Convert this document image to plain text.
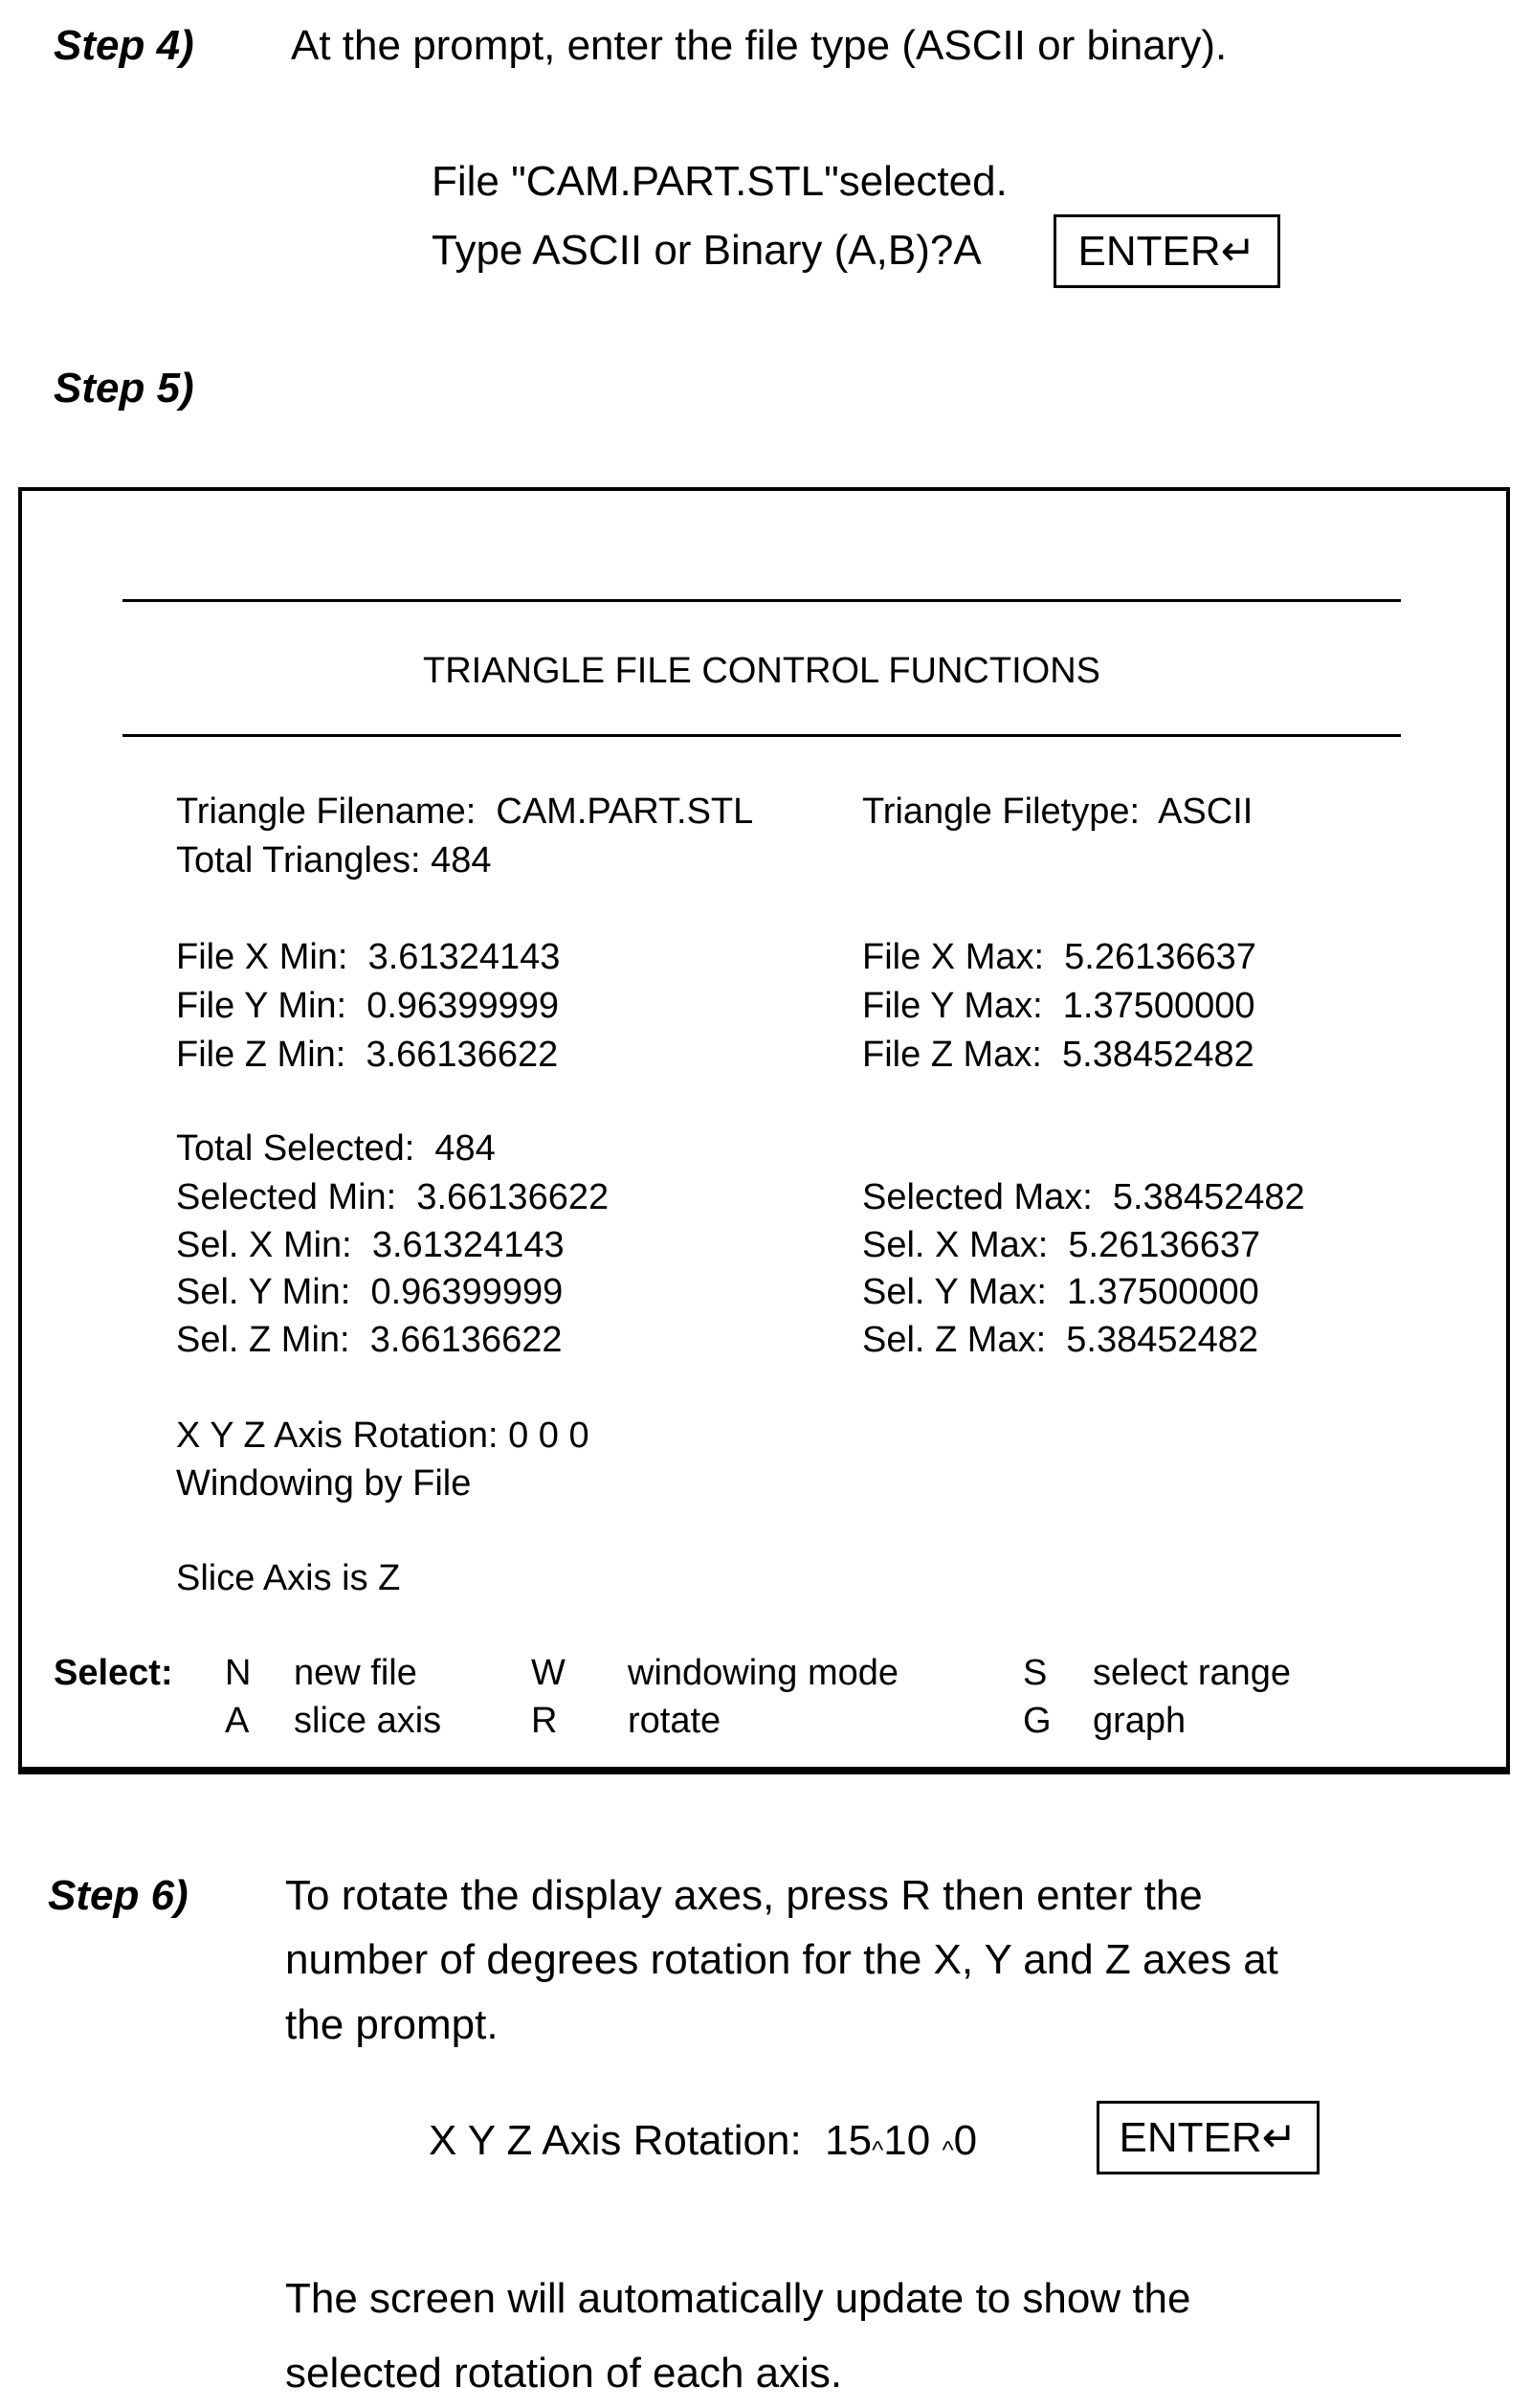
Step 4) At the prompt, enter the file type (ASCII or binary).
File "CAM.PART.STL"selected.
Type ASCII or Binary (A,B)?A ENTER ↵
Step 5)
TRIANGLE FILE CONTROL FUNCTIONS
Triangle Filename:  CAM.PART.STL	Triangle Filetype:  ASCII
Total Triangles: 484
File X Min:  3.61324143	File X Max:  5.26136637
File Y Min:  0.96399999	File Y Max:  1.37500000
File Z Min:  3.66136622	File Z Max:  5.38452482
Total Selected:  484
Selected Min:  3.66136622	Selected Max:  5.38452482
Sel. X Min:  3.61324143	Sel. X Max:  5.26136637
Sel. Y Min:  0.96399999	Sel. Y Max:  1.37500000
Sel. Z Min:  3.66136622	Sel. Z Max:  5.38452482
X Y Z Axis Rotation: 0 0 0
Windowing by File
Slice Axis is Z
Select: N new file	W windowing mode	S select range
A slice axis R rotate	G graph
Step 6) To rotate the display axes, press R then enter the
number of degrees rotation for the X, Y and Z axes at
the prompt.
X Y Z Axis Rotation:  15^10 ^0	ENTER ↵
The screen will automatically update to show the
selected rotation of each axis.
